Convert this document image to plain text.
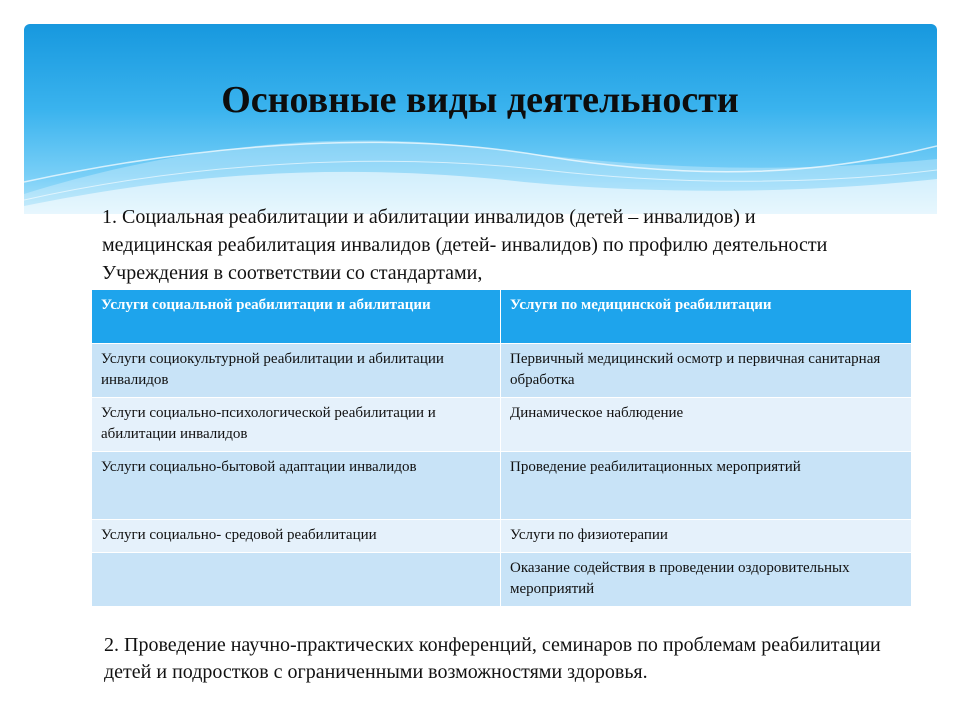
Основные виды деятельности

1. Социальная реабилитации и абилитации инвалидов (детей – инвалидов) и медицинская реабилитация инвалидов (детей- инвалидов) по профилю деятельности Учреждения в соответствии со стандартами,

Услуги социальной реабилитации и абилитации	Услуги по медицинской реабилитации
Услуги социокультурной реабилитации и абилитации инвалидов	Первичный медицинский осмотр и первичная санитарная обработка
Услуги социально-психологической реабилитации и абилитации инвалидов	Динамическое наблюдение
Услуги социально-бытовой адаптации инвалидов	Проведение реабилитационных мероприятий
Услуги социально- средовой реабилитации	Услуги по физиотерапии
	Оказание содействия в проведении оздоровительных мероприятий

2. Проведение научно-практических конференций, семинаров по проблемам реабилитации детей и подростков с ограниченными возможностями здоровья.
